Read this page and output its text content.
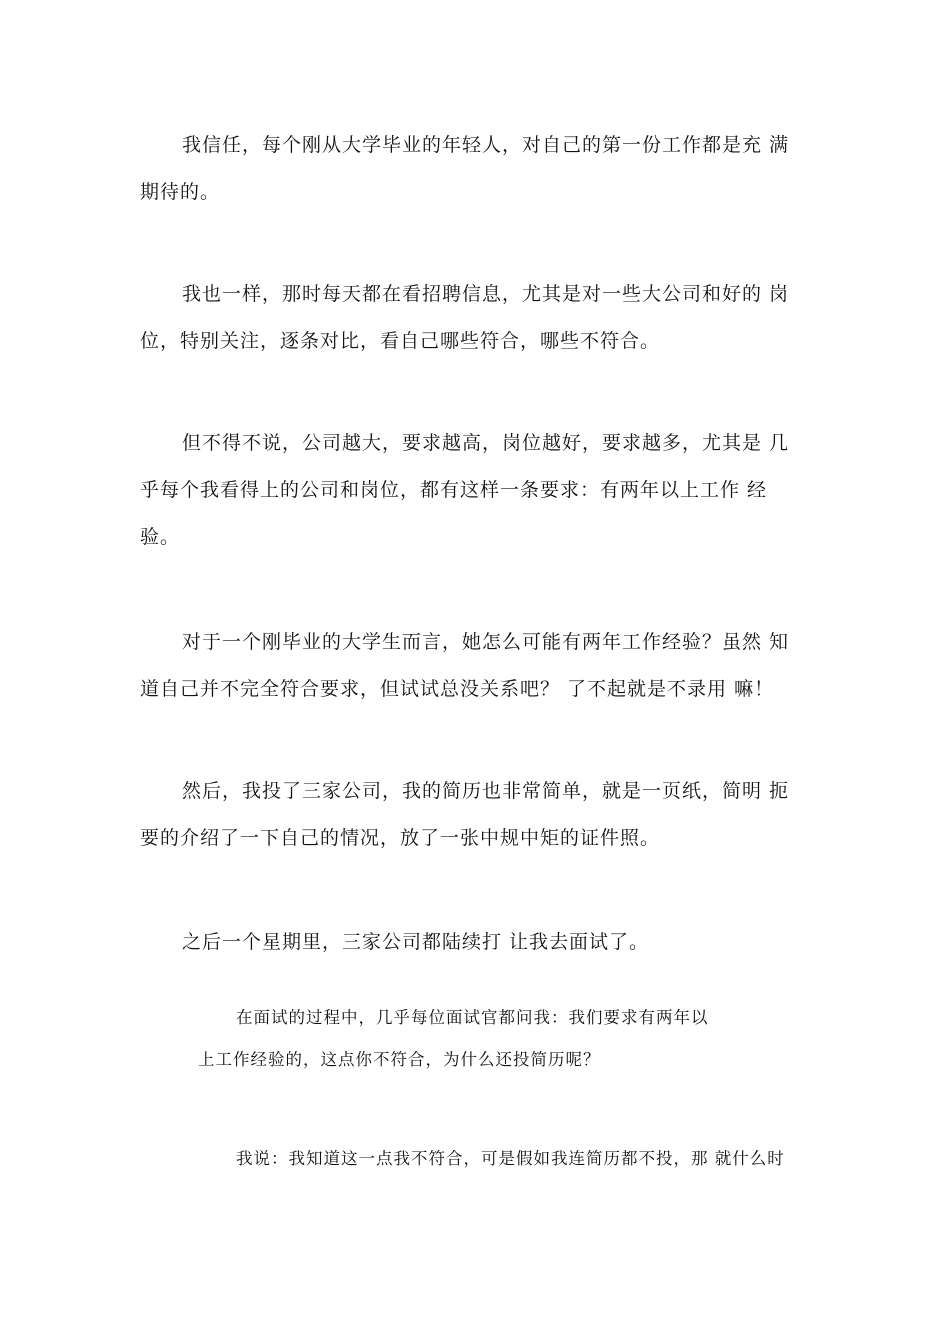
我信任，每个刚从大学毕业的年轻人，对自己的第一份工作都是充 满
期待的。

我也一样，那时每天都在看招聘信息，尤其是对一些大公司和好的 岗
位，特别关注，逐条对比，看自己哪些符合，哪些不符合。

但不得不说，公司越大，要求越高，岗位越好，要求越多，尤其是 几
乎每个我看得上的公司和岗位，都有这样一条要求：有两年以上工作 经
验。

对于一个刚毕业的大学生而言，她怎么可能有两年工作经验？虽然 知
道自己并不完全符合要求，但试试总没关系吧？ 了不起就是不录用 嘛！

然后，我投了三家公司，我的简历也非常简单，就是一页纸，简明 扼
要的介绍了一下自己的情况，放了一张中规中矩的证件照。

之后一个星期里，三家公司都陆续打 让我去面试了。

在面试的过程中，几乎每位面试官都问我：我们要求有两年以
上工作经验的，这点你不符合，为什么还投简历呢？

我说：我知道这一点我不符合，可是假如我连简历都不投，那 就什么时
